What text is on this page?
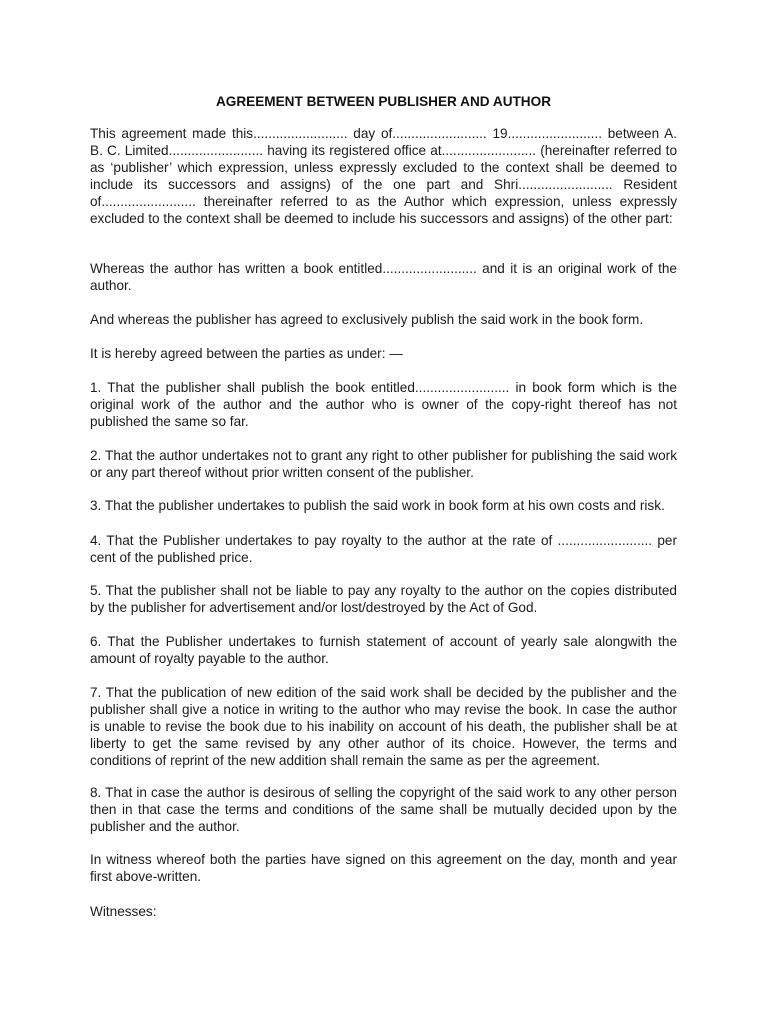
AGREEMENT BETWEEN PUBLISHER AND AUTHOR

This agreement made this......................... day of......................... 19......................... between A. B. C. Limited......................... having its registered office at......................... (hereinafter referred to as ‘publisher’ which expression, unless expressly excluded to the context shall be deemed to include its successors and assigns) of the one part and Shri......................... Resident of......................... thereinafter referred to as the Author which expression, unless expressly excluded to the context shall be deemed to include his successors and assigns) of the other part:

Whereas the author has written a book entitled......................... and it is an original work of the author.

And whereas the publisher has agreed to exclusively publish the said work in the book form.

It is hereby agreed between the parties as under: —

1. That the publisher shall publish the book entitled......................... in book form which is the original work of the author and the author who is owner of the copy-right thereof has not published the same so far.

2. That the author undertakes not to grant any right to other publisher for publishing the said work or any part thereof without prior written consent of the publisher.

3. That the publisher undertakes to publish the said work in book form at his own costs and risk.

4. That the Publisher undertakes to pay royalty to the author at the rate of ......................... per cent of the published price.

5. That the publisher shall not be liable to pay any royalty to the author on the copies distributed by the publisher for advertisement and/or lost/destroyed by the Act of God.

6. That the Publisher undertakes to furnish statement of account of yearly sale alongwith the amount of royalty payable to the author.

7. That the publication of new edition of the said work shall be decided by the publisher and the publisher shall give a notice in writing to the author who may revise the book. In case the author is unable to revise the book due to his inability on account of his death, the publisher shall be at liberty to get the same revised by any other author of its choice. However, the terms and conditions of reprint of the new addition shall remain the same as per the agreement.

8. That in case the author is desirous of selling the copyright of the said work to any other person then in that case the terms and conditions of the same shall be mutually decided upon by the publisher and the author.

In witness whereof both the parties have signed on this agreement on the day, month and year first above-written.

Witnesses:
